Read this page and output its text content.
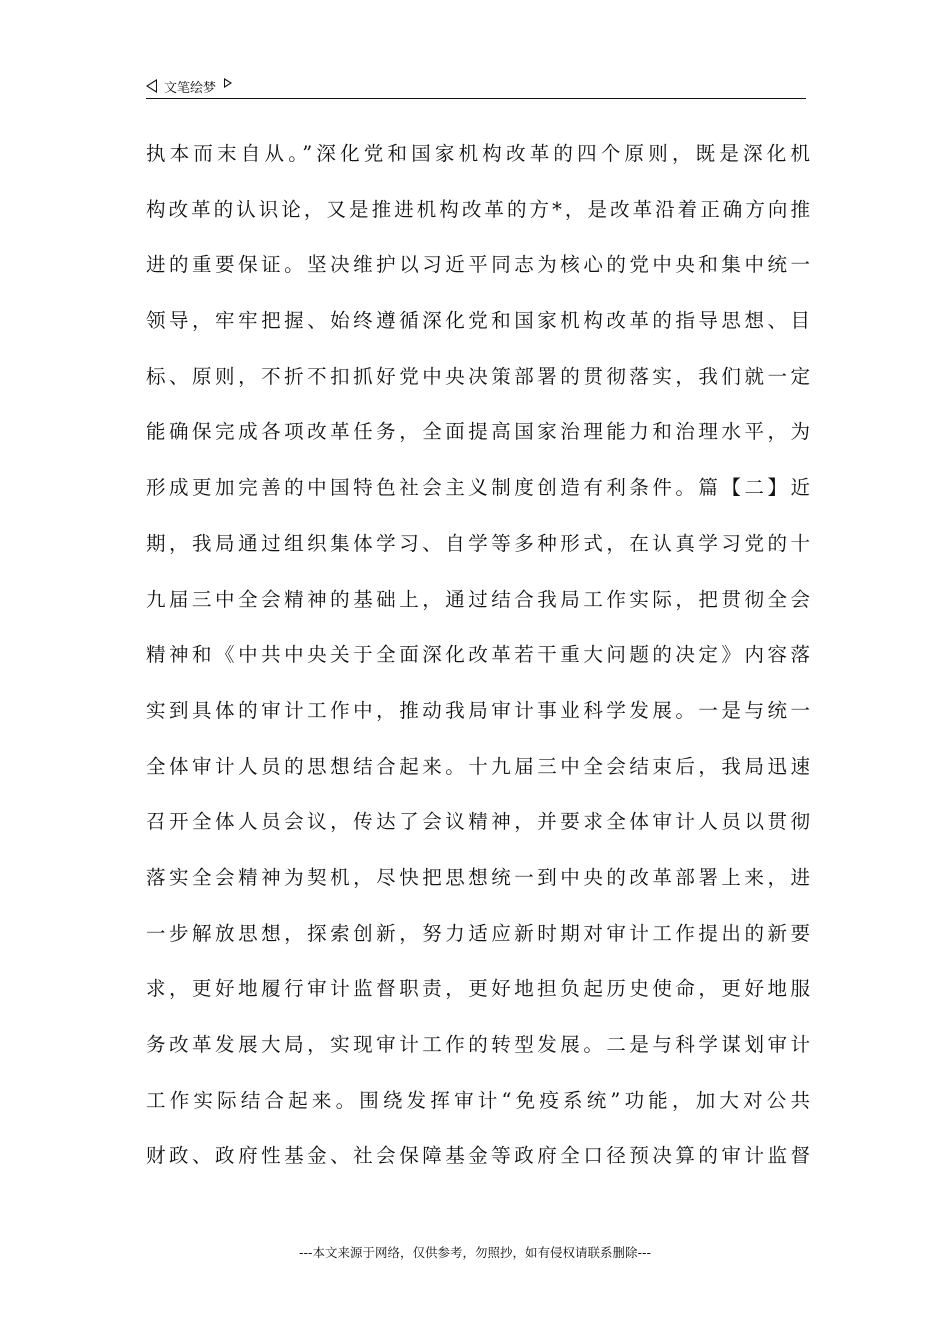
文笔绘梦
执本而末自从。”深化党和国家机构改革的四个原则，既是深化机
构改革的认识论，又是推进机构改革的方*，是改革沿着正确方向推
进的重要保证。坚决维护以习近平同志为核心的党中央和集中统一
领导，牢牢把握、始终遵循深化党和国家机构改革的指导思想、目
标、原则，不折不扣抓好党中央决策部署的贯彻落实，我们就一定
能确保完成各项改革任务，全面提高国家治理能力和治理水平，为
形成更加完善的中国特色社会主义制度创造有利条件。篇【二】近
期，我局通过组织集体学习、自学等多种形式，在认真学习党的十
九届三中全会精神的基础上，通过结合我局工作实际，把贯彻全会
精神和《中共中央关于全面深化改革若干重大问题的决定》内容落
实到具体的审计工作中，推动我局审计事业科学发展。一是与统一
全体审计人员的思想结合起来。十九届三中全会结束后，我局迅速
召开全体人员会议，传达了会议精神，并要求全体审计人员以贯彻
落实全会精神为契机，尽快把思想统一到中央的改革部署上来，进
一步解放思想，探索创新，努力适应新时期对审计工作提出的新要
求，更好地履行审计监督职责，更好地担负起历史使命，更好地服
务改革发展大局，实现审计工作的转型发展。二是与科学谋划审计
工作实际结合起来。围绕发挥审计“免疫系统”功能，加大对公共
财政、政府性基金、社会保障基金等政府全口径预决算的审计监督
---本文来源于网络，仅供参考，勿照抄，如有侵权请联系删除---
